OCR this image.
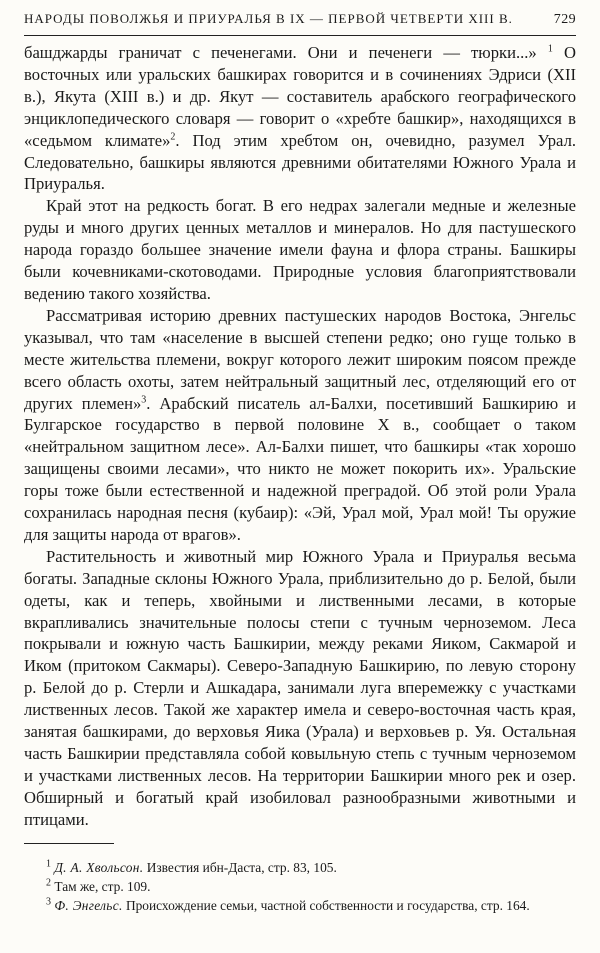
НАРОДЫ ПОВОЛЖЬЯ И ПРИУРАЛЬЯ В IX — ПЕРВОЙ ЧЕТВЕРТИ XIII В.	729

башджарды граничат с печенегами. Они и печенеги — тюрки...» $^1$ О восточных или уральских башкирах говорится и в сочинениях Эдриси (XII в.), Якута (XIII в.) и др. Якут — составитель арабского географического энциклопедического словаря — говорит о «хребте башкир», находящихся в «седьмом климате»$^2$. Под этим хребтом он, очевидно, разумел Урал. Следовательно, башкиры являются древними обитателями Южного Урала и Приуралья.

Край этот на редкость богат. В его недрах залегали медные и железные руды и много других ценных металлов и минералов. Но для пастушеского народа гораздо большее значение имели фауна и флора страны. Башкиры были кочевниками-скотоводами. Природные условия благоприятствовали ведению такого хозяйства.

Рассматривая историю древних пастушеских народов Востока, Энгельс указывал, что там «население в высшей степени редко; оно гуще только в месте жительства племени, вокруг которого лежит широким поясом прежде всего область охоты, затем нейтральный защитный лес, отделяющий его от других племен»$^3$. Арабский писатель ал-Балхи, посетивший Башкирию и Булгарское государство в первой половине X в., сообщает о таком «нейтральном защитном лесе». Ал-Балхи пишет, что башкиры «так хорошо защищены своими лесами», что никто не может покорить их». Уральские горы тоже были естественной и надежной преградой. Об этой роли Урала сохранилась народная песня (кубаир): «Эй, Урал мой, Урал мой! Ты оружие для защиты народа от врагов».

Растительность и животный мир Южного Урала и Приуралья весьма богаты. Западные склоны Южного Урала, приблизительно до р. Белой, были одеты, как и теперь, хвойными и лиственными лесами, в которые вкрапливались значительные полосы степи с тучным черноземом. Леса покрывали и южную часть Башкирии, между реками Яиком, Сакмарой и Иком (притоком Сакмары). Северо-Западную Башкирию, по левую сторону р. Белой до р. Стерли и Ашкадара, занимали луга вперемежку с участками лиственных лесов. Такой же характер имела и северо-восточная часть края, занятая башкирами, до верховья Яика (Урала) и верховьев р. Уя. Остальная часть Башкирии представляла собой ковыльную степь с тучным черноземом и участками лиственных лесов. На территории Башкирии много рек и озер. Обширный и богатый край изобиловал разнообразными животными и птицами.

$^1$ Д. А. Хвольсон. Известия ибн-Даста, стр. 83, 105.

$^2$ Там же, стр. 109.

$^3$ Ф. Энгельс. Происхождение семьи, частной собственности и государства, стр. 164.
